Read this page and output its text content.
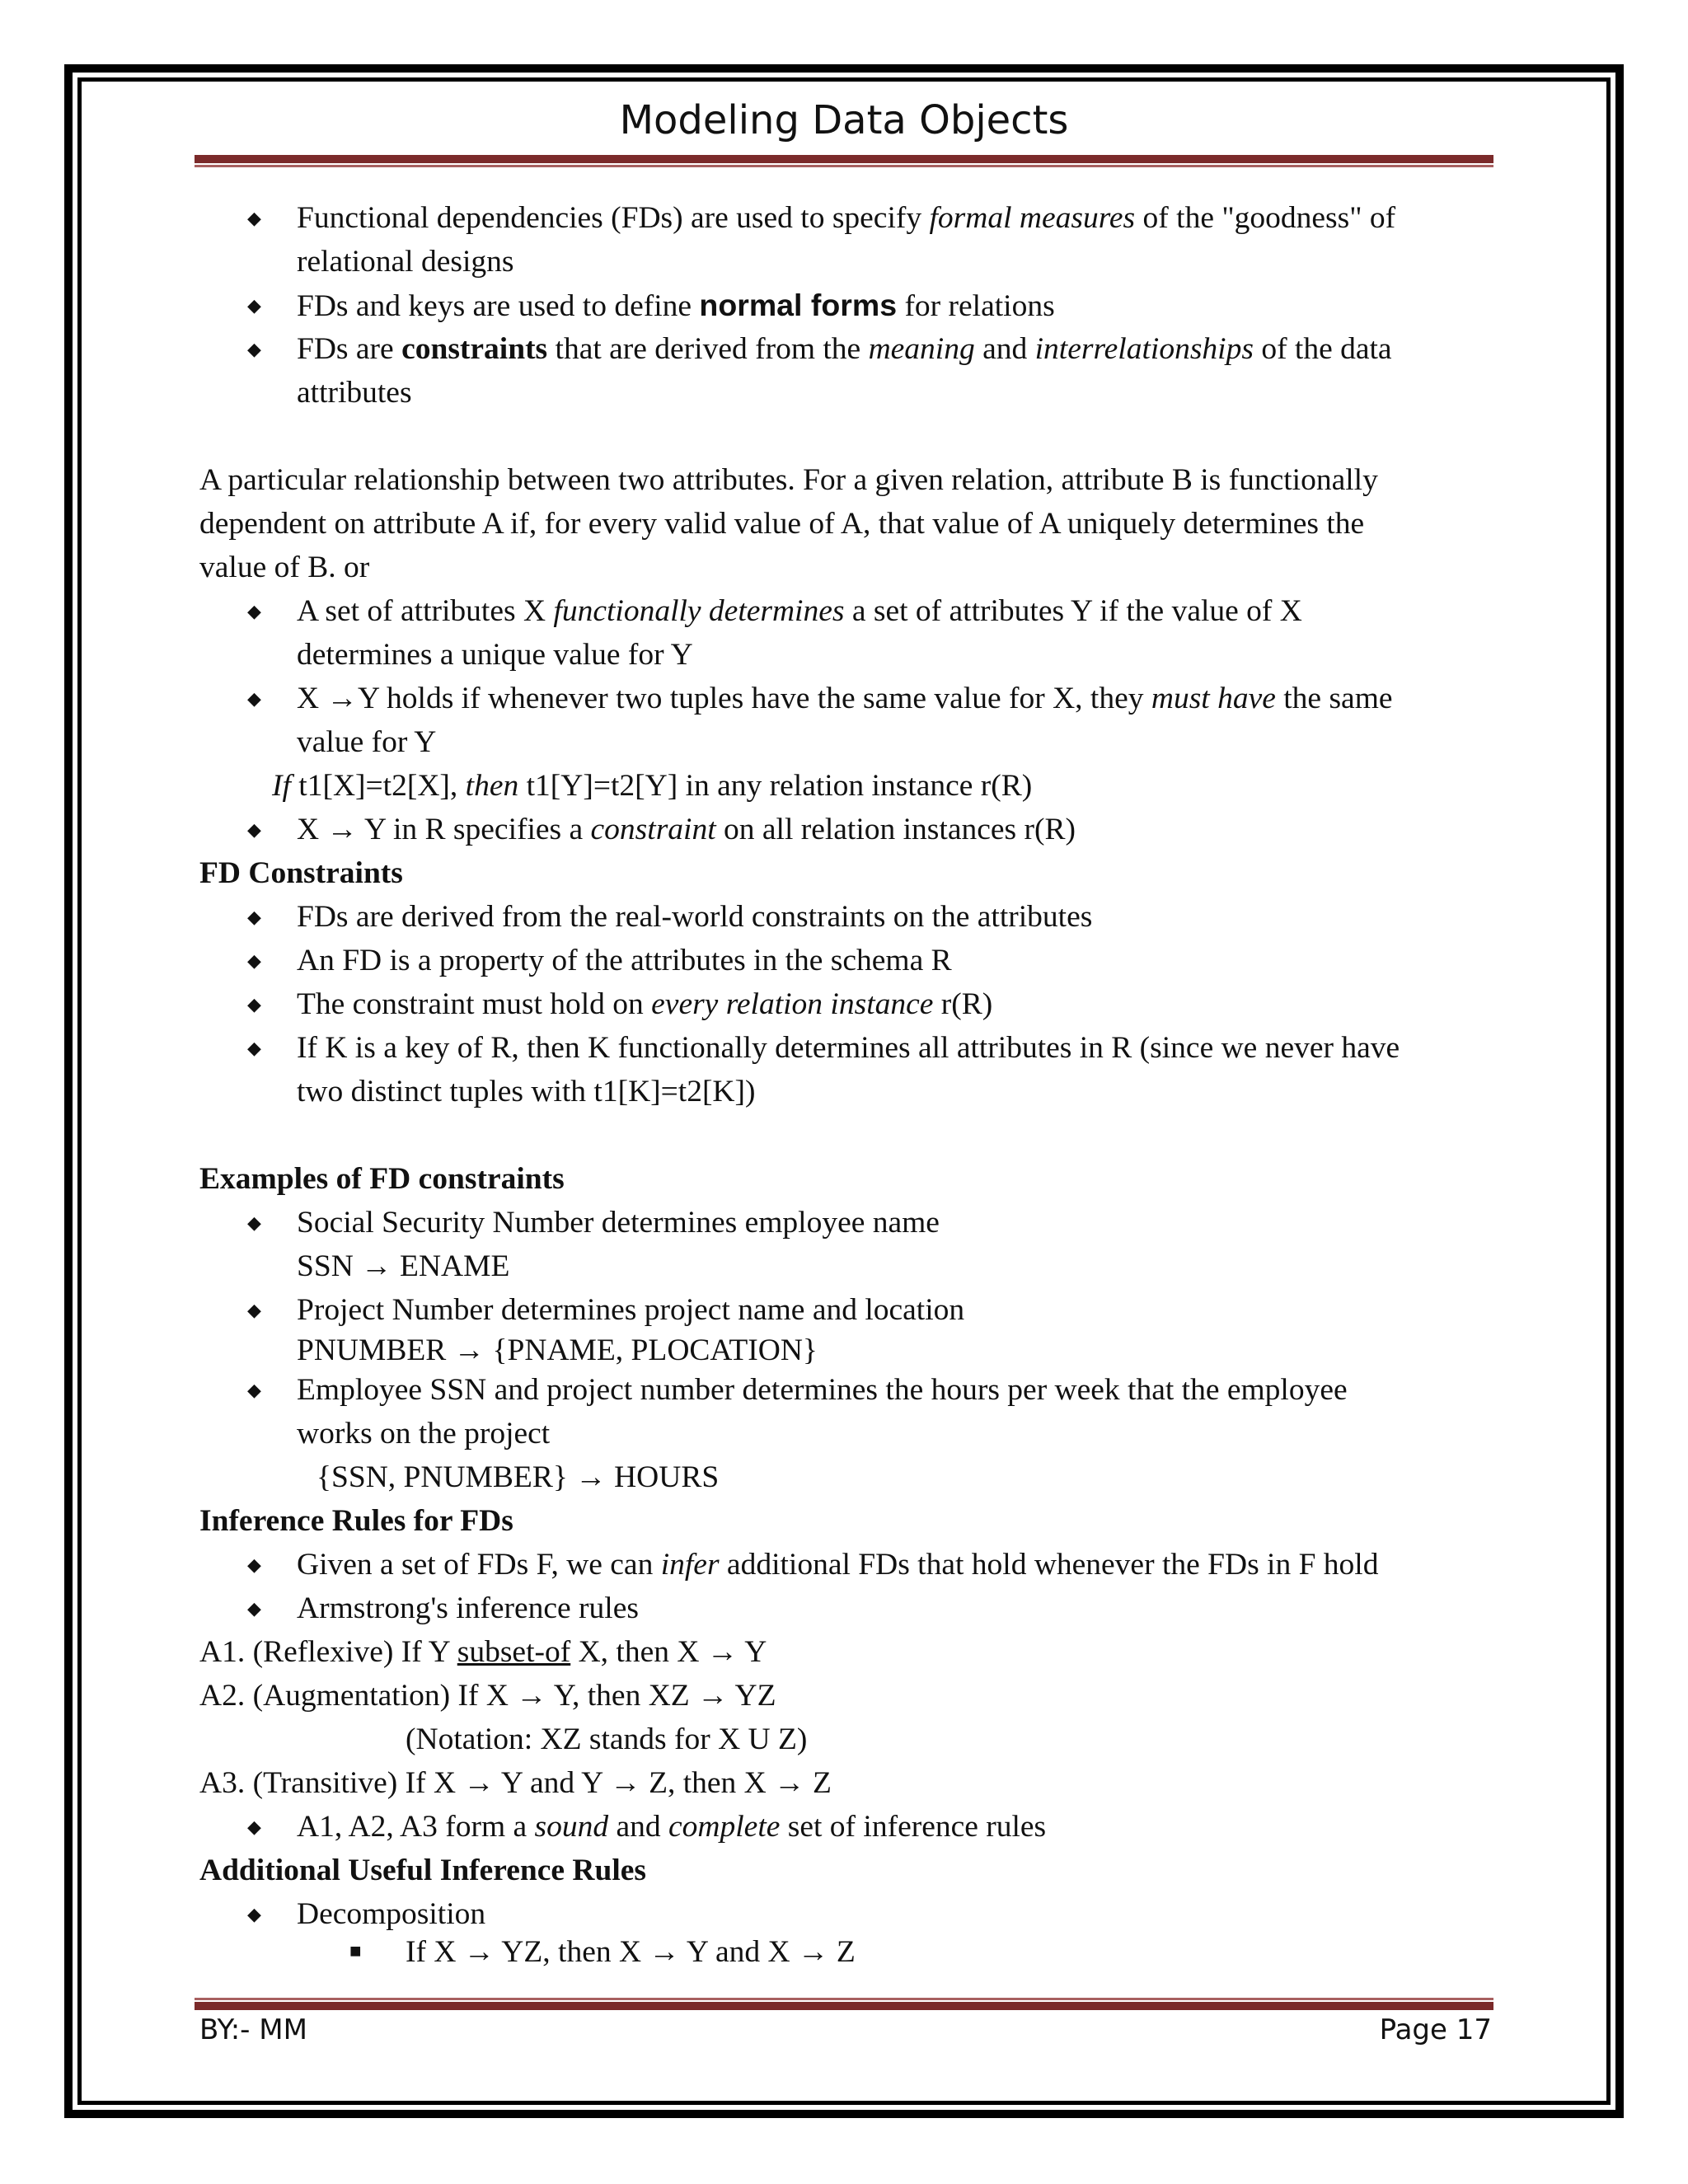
Modeling Data Objects
◆ Functional dependencies (FDs) are used to specify formal measures of the "goodness" of
relational designs
◆ FDs and keys are used to define normal forms for relations
◆ FDs are constraints that are derived from the meaning and interrelationships of the data
attributes
A particular relationship between two attributes. For a given relation, attribute B is functionally
dependent on attribute A if, for every valid value of A, that value of A uniquely determines the
value of B. or
◆ A set of attributes X functionally determines a set of attributes Y if the value of X
determines a unique value for Y
◆ X →Y holds if whenever two tuples have the same value for X, they must have the same
value for Y
If t1[X]=t2[X], then t1[Y]=t2[Y] in any relation instance r(R)
◆ X → Y in R specifies a constraint on all relation instances r(R)
FD Constraints
◆ FDs are derived from the real-world constraints on the attributes
◆ An FD is a property of the attributes in the schema R
◆ The constraint must hold on every relation instance r(R)
◆ If K is a key of R, then K functionally determines all attributes in R (since we never have
two distinct tuples with t1[K]=t2[K])
Examples of FD constraints
◆ Social Security Number determines employee name
SSN → ENAME
◆ Project Number determines project name and location
PNUMBER → {PNAME, PLOCATION}
◆ Employee SSN and project number determines the hours per week that the employee
works on the project
{SSN, PNUMBER} → HOURS
Inference Rules for FDs
◆ Given a set of FDs F, we can infer additional FDs that hold whenever the FDs in F hold
◆ Armstrong's inference rules
A1. (Reflexive) If Y subset-of X, then X → Y
A2. (Augmentation) If X → Y, then XZ → YZ
(Notation: XZ stands for X U Z)
A3. (Transitive) If X → Y and Y → Z, then X → Z
◆ A1, A2, A3 form a sound and complete set of inference rules
Additional Useful Inference Rules
◆ Decomposition
■ If X → YZ, then X → Y and X → Z
BY:- MM	Page 17
